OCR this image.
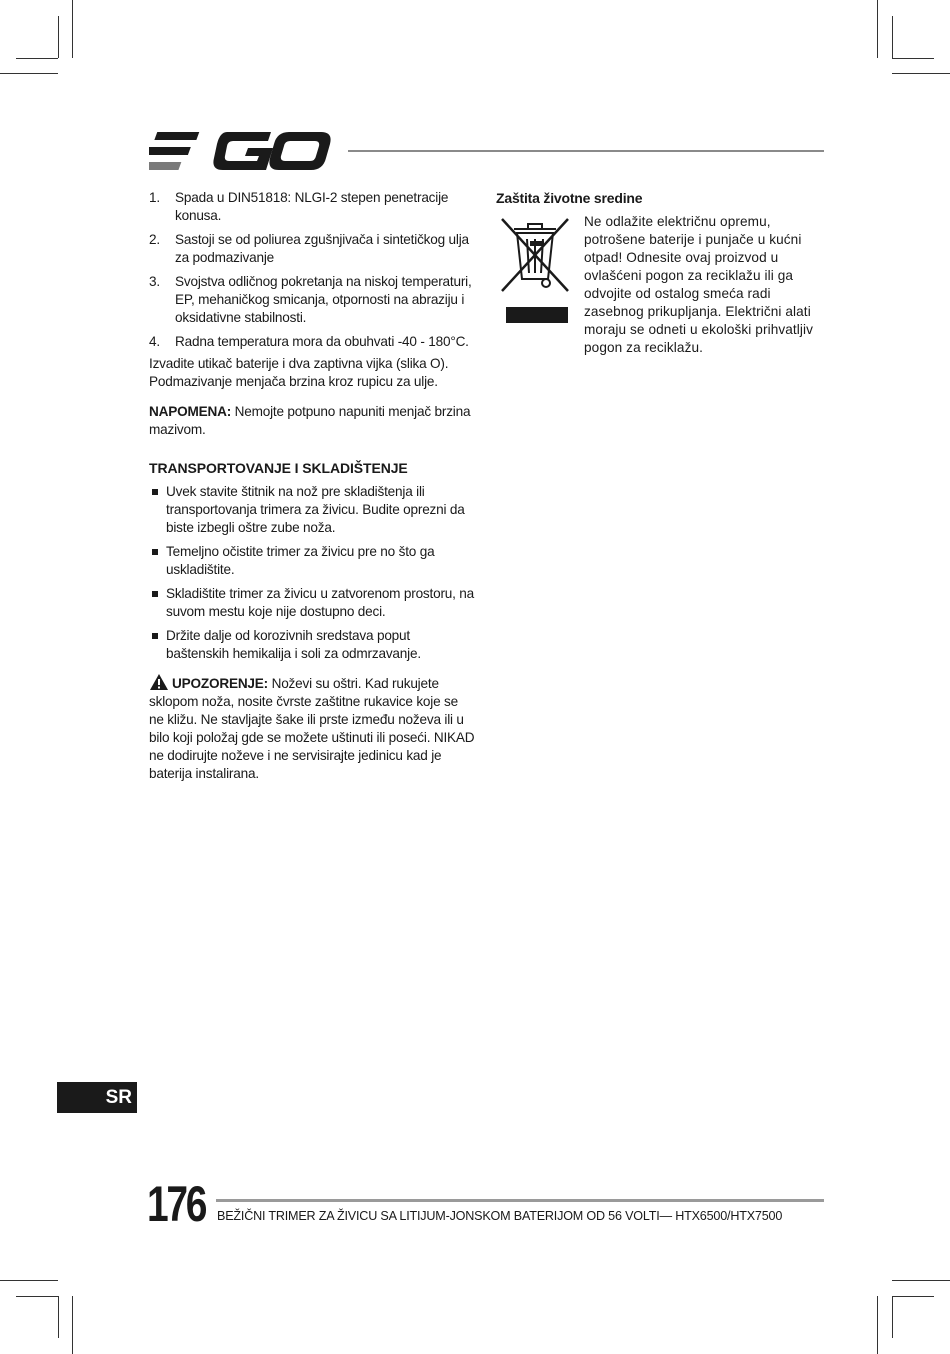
1. Spada u DIN51818: NLGI-2 stepen penetracije konusa.
2. Sastoji se od poliurea zgušnjivača i sintetičkog ulja za podmazivanje
3. Svojstva odličnog pokretanja na niskoj temperaturi, EP, mehaničkog smicanja, otpornosti na abraziju i oksidativne stabilnosti.
4. Radna temperatura mora da obuhvati -40 - 180°C.

Izvadite utikač baterije i dva zaptivna vijka (slika O). Podmazivanje menjača brzina kroz rupicu za ulje.

NAPOMENA: Nemojte potpuno napuniti menjač brzina mazivom.

TRANSPORTOVANJE I SKLADIŠTENJE
Uvek stavite štitnik na nož pre skladištenja ili transportovanja trimera za živicu. Budite oprezni da biste izbegli oštre zube noža.
Temeljno očistite trimer za živicu pre no što ga uskladištite.
Skladištite trimer za živicu u zatvorenom prostoru, na suvom mestu koje nije dostupno deci.
Držite dalje od korozivnih sredstava poput baštenskih hemikalija i soli za odmrzavanje.

UPOZORENJE: Noževi su oštri. Kad rukujete sklopom noža, nosite čvrste zaštitne rukavice koje se ne kližu. Ne stavljajte šake ili prste između noževa ili u bilo koji položaj gde se možete uštinuti ili poseći. NIKAD ne dodirujte noževe i ne servisirajte jedinicu kad je baterija instalirana.

Zaštita životne sredine
Ne odlažite električnu opremu, potrošene baterije i punjače u kućni otpad! Odnesite ovaj proizvod u ovlašćeni pogon za reciklažu ili ga odvojite od ostalog smeća radi zasebnog prikupljanja. Električni alati moraju se odneti u ekološki prihvatljiv pogon za reciklažu.
SR
176 BEŽIČNI TRIMER ZA ŽIVICU SA LITIJUM-JONSKOM BATERIJOM OD 56 VOLTI— HTX6500/HTX7500
